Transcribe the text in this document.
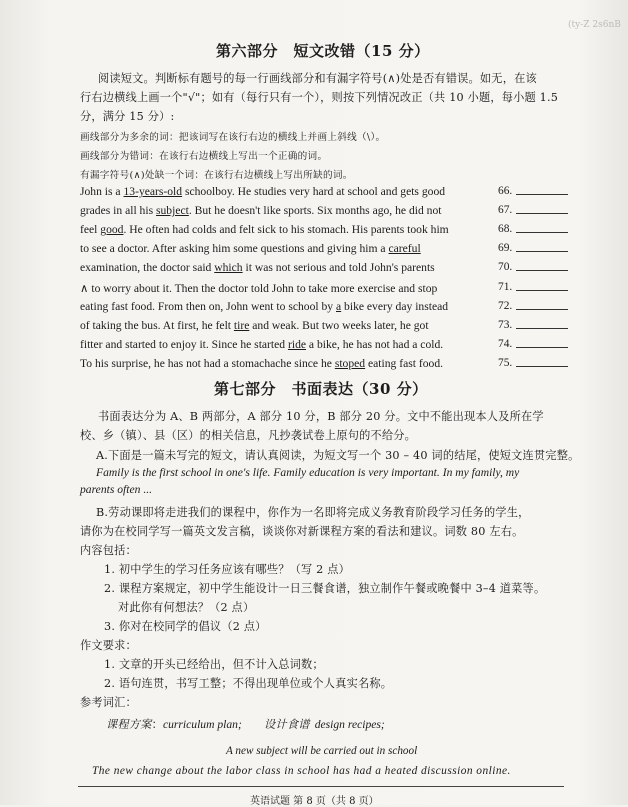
(ty-Z 2s6nB
第六部分　短文改错（15 分）
阅读短文。判断标有题号的每一行画线部分和有漏字符号(∧)处是否有错误。如无，在该
行右边横线上画一个"√"；如有（每行只有一个），则按下列情况改正（共 10 小题，每小题 1.5
分，满分 15 分）:
画线部分为多余的词：把该词写在该行右边的横线上并画上斜线（\）。
画线部分为错词：在该行右边横线上写出一个正确的词。
有漏字符号(∧)处缺一个词：在该行右边横线上写出所缺的词。
John is a 13-years-old schoolboy. He studies very hard at school and gets good	66.
grades in all his subject. But he doesn't like sports. Six months ago, he did not	67.
feel good. He often had colds and felt sick to his stomach. His parents took him	68.
to see a doctor. After asking him some questions and giving him a careful	69.
examination, the doctor said which it was not serious and told John's parents	70.
∧ to worry about it. Then the doctor told John to take more exercise and stop	71.
eating fast food. From then on, John went to school by a bike every day instead	72.
of taking the bus. At first, he felt tire and weak. But two weeks later, he got	73.
fitter and started to enjoy it. Since he started ride a bike, he has not had a cold.	74.
To his surprise, he has not had a stomachache since he stoped eating fast food.	75.
第七部分　书面表达（30 分）
书面表达分为 A、B 两部分，A 部分 10 分，B 部分 20 分。文中不能出现本人及所在学
校、乡（镇）、县（区）的相关信息，凡抄袭试卷上原句的不给分。
A.下面是一篇未写完的短文，请认真阅读，为短文写一个 30 – 40 词的结尾，使短文连贯完整。
Family is the first school in one's life. Family education is very important. In my family, my
parents often ...
B.劳动课即将走进我们的课程中，你作为一名即将完成义务教育阶段学习任务的学生，
请你为在校同学写一篇英文发言稿，谈谈你对新课程方案的看法和建议。词数 80 左右。
内容包括：
1. 初中学生的学习任务应该有哪些？（写 2 点）
2. 课程方案规定，初中学生能设计一日三餐食谱，独立制作午餐或晚餐中 3–4 道菜等。
对此你有何想法？（2 点）
3. 你对在校同学的倡议（2 点）
作文要求：
1. 文章的开头已经给出，但不计入总词数；
2. 语句连贯，书写工整；不得出现单位或个人真实名称。
参考词汇：
课程方案：curriculum plan; 设计食谱 design recipes;
A new subject will be carried out in school
The new change about the labor class in school has had a heated discussion online.
英语试题 第 8 页（共 8 页）
